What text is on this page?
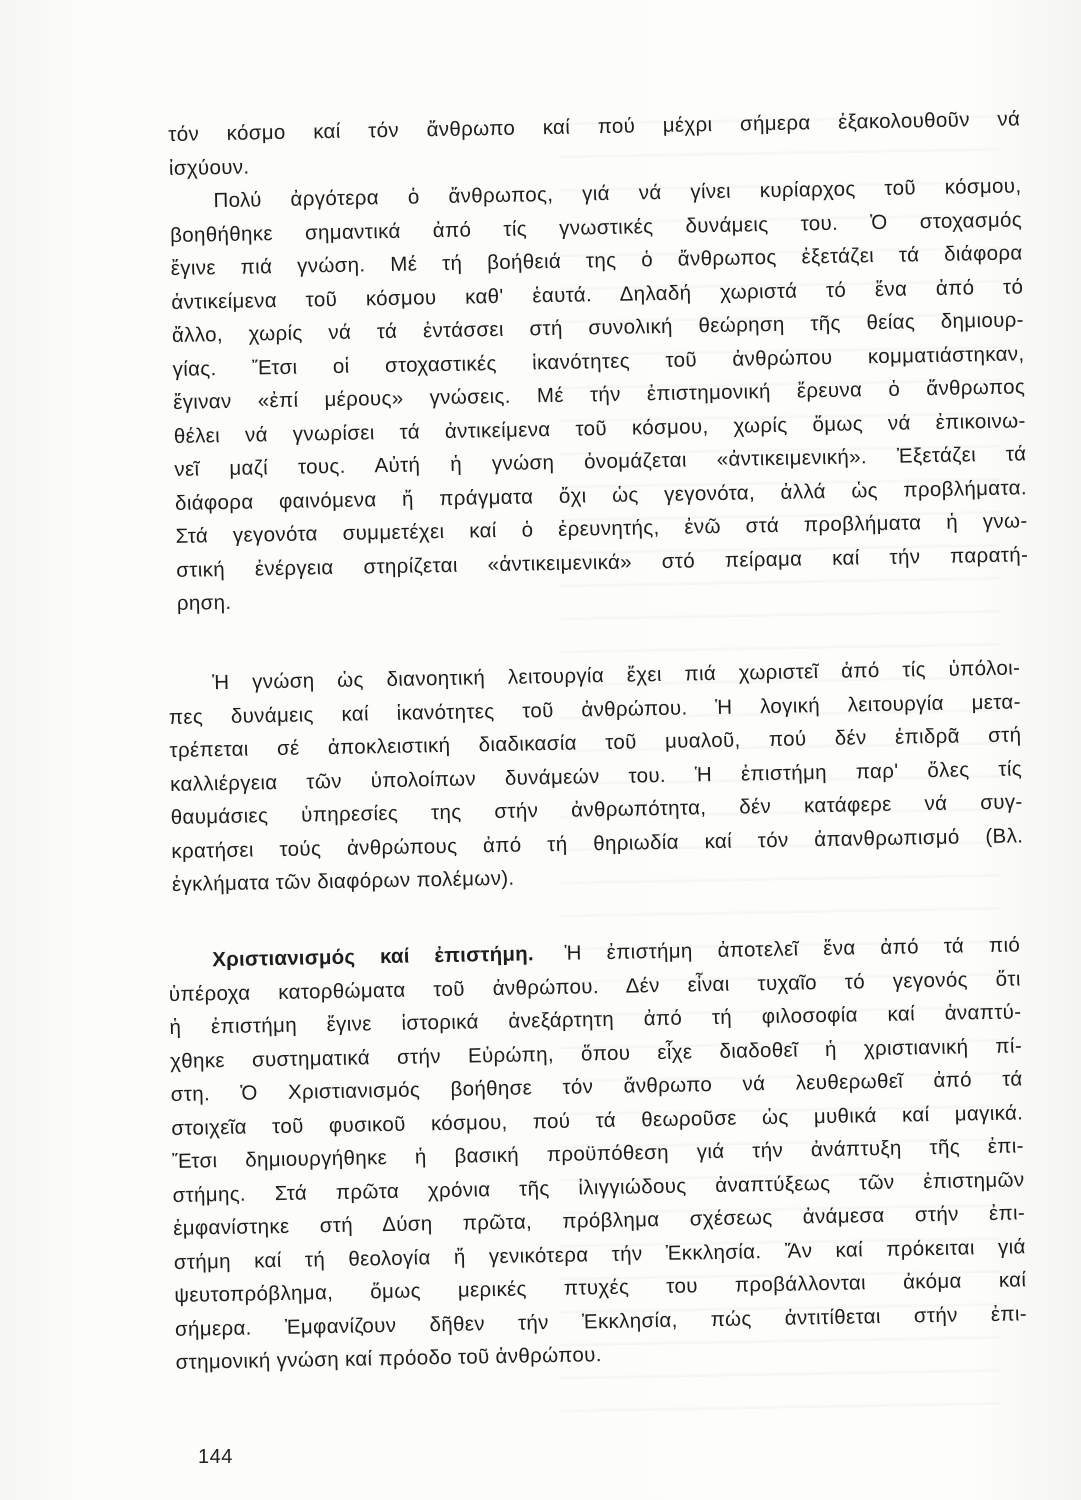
τόν κόσμο καί τόν ἄνθρωπο καί πού μέχρι σήμερα ἐξακολουθοῦν νά
ἰσχύουν.
Πολύ ἀργότερα ὁ ἄνθρωπος, γιά νά γίνει κυρίαρχος τοῦ κόσμου,
βοηθήθηκε σημαντικά ἀπό τίς γνωστικές δυνάμεις του. Ὁ στοχασμός
ἔγινε πιά γνώση. Μέ τή βοήθειά της ὁ ἄνθρωπος ἐξετάζει τά διάφορα
ἀντικείμενα τοῦ κόσμου καθ' ἑαυτά. Δηλαδή χωριστά τό ἕνα ἀπό τό
ἄλλο, χωρίς νά τά ἐντάσσει στή συνολική θεώρηση τῆς θείας δημιουρ-
γίας. Ἔτσι οἱ στοχαστικές ἱκανότητες τοῦ ἀνθρώπου κομματιάστηκαν,
ἔγιναν «ἐπί μέρους» γνώσεις. Μέ τήν ἐπιστημονική ἔρευνα ὁ ἄνθρωπος
θέλει νά γνωρίσει τά ἀντικείμενα τοῦ κόσμου, χωρίς ὅμως νά ἐπικοινω-
νεῖ μαζί τους. Αὐτή ἡ γνώση ὀνομάζεται «ἀντικειμενική». Ἐξετάζει τά
διάφορα φαινόμενα ἤ πράγματα ὄχι ὡς γεγονότα, ἀλλά ὡς προβλήματα.
Στά γεγονότα συμμετέχει καί ὁ ἐρευνητής, ἐνῶ στά προβλήματα ἡ γνω-
στική ἐνέργεια στηρίζεται «ἀντικειμενικά» στό πείραμα καί τήν παρατή-
ρηση.
Ἡ γνώση ὡς διανοητική λειτουργία ἔχει πιά χωριστεῖ ἀπό τίς ὑπόλοι-
πες δυνάμεις καί ἱκανότητες τοῦ ἀνθρώπου. Ἡ λογική λειτουργία μετα-
τρέπεται σέ ἀποκλειστική διαδικασία τοῦ μυαλοῦ, πού δέν ἐπιδρᾶ στή
καλλιέργεια τῶν ὑπολοίπων δυνάμεών του. Ἡ ἐπιστήμη παρ' ὅλες τίς
θαυμάσιες ὑπηρεσίες της στήν ἀνθρωπότητα, δέν κατάφερε νά συγ-
κρατήσει τούς ἀνθρώπους ἀπό τή θηριωδία καί τόν ἀπανθρωπισμό (Βλ.
ἐγκλήματα τῶν διαφόρων πολέμων).
Χριστιανισμός καί ἐπιστήμη. Ἡ ἐπιστήμη ἀποτελεῖ ἕνα ἀπό τά πιό
ὑπέροχα κατορθώματα τοῦ ἀνθρώπου. Δέν εἶναι τυχαῖο τό γεγονός ὅτι
ἡ ἐπιστήμη ἔγινε ἱστορικά ἀνεξάρτητη ἀπό τή φιλοσοφία καί ἀναπτύ-
χθηκε συστηματικά στήν Εὐρώπη, ὅπου εἶχε διαδοθεῖ ἡ χριστιανική πί-
στη. Ὁ Χριστιανισμός βοήθησε τόν ἄνθρωπο νά λευθερωθεῖ ἀπό τά
στοιχεῖα τοῦ φυσικοῦ κόσμου, πού τά θεωροῦσε ὡς μυθικά καί μαγικά.
Ἔτσι δημιουργήθηκε ἡ βασική προϋπόθεση γιά τήν ἀνάπτυξη τῆς ἐπι-
στήμης. Στά πρῶτα χρόνια τῆς ἰλιγγιώδους ἀναπτύξεως τῶν ἐπιστημῶν
ἐμφανίστηκε στή Δύση πρῶτα, πρόβλημα σχέσεως ἀνάμεσα στήν ἐπι-
στήμη καί τή θεολογία ἤ γενικότερα τήν Ἐκκλησία. Ἄν καί πρόκειται γιά
ψευτοπρόβλημα, ὅμως μερικές πτυχές του προβάλλονται ἀκόμα καί
σήμερα. Ἐμφανίζουν δῆθεν τήν Ἐκκλησία, πώς ἀντιτίθεται στήν ἐπι-
στημονική γνώση καί πρόοδο τοῦ ἀνθρώπου.
144
